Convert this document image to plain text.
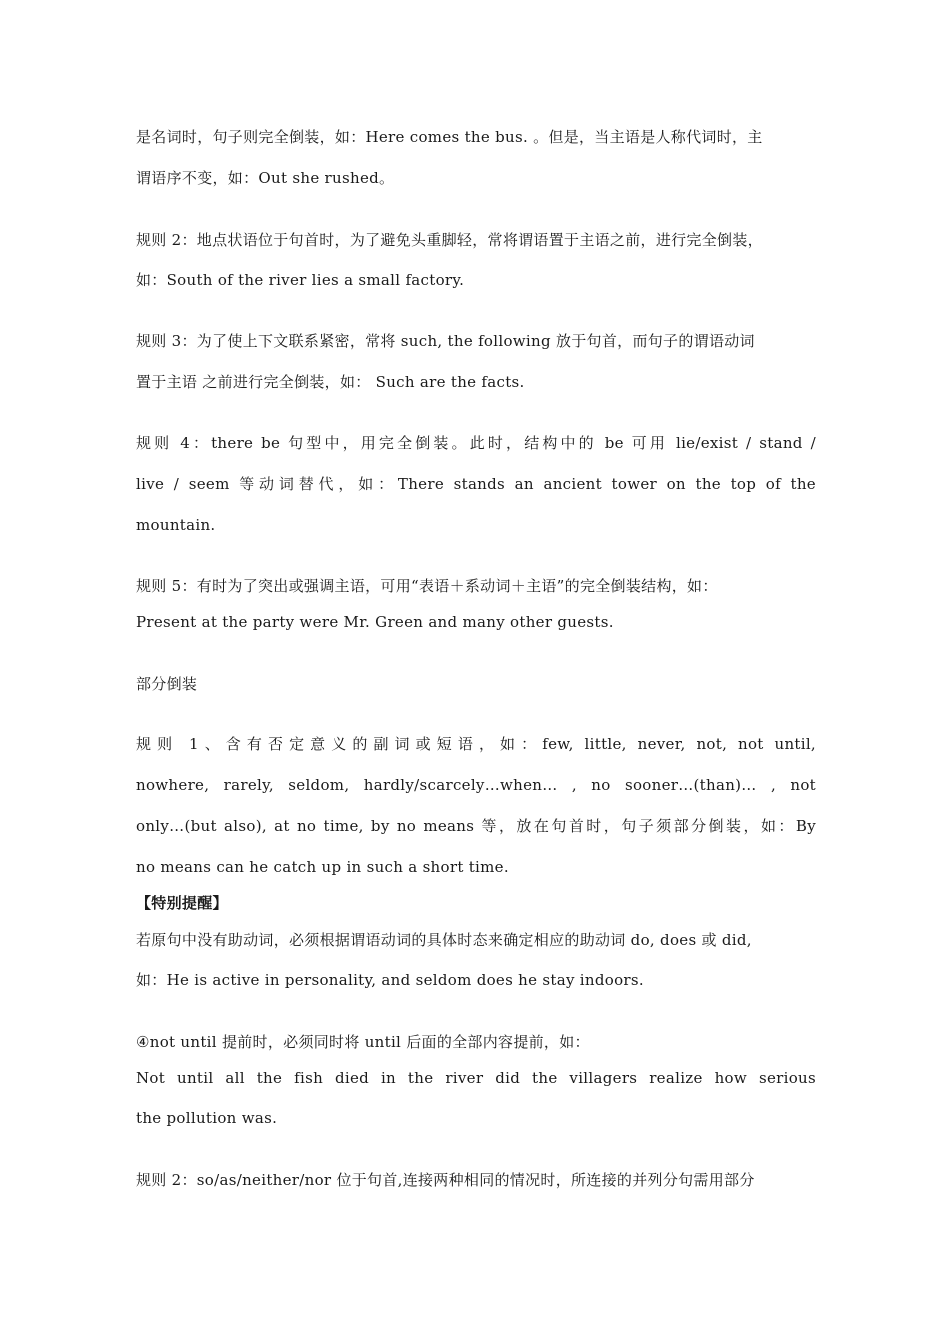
是名词时，句子则完全倒装，如：Here comes the bus. 。但是，当主语是人称代词时，主
谓语序不变，如：Out she rushed。
规则 2：地点状语位于句首时，为了避免头重脚轻，常将谓语置于主语之前，进行完全倒装，
如：South of the river lies a small factory.
规则 3：为了使上下文联系紧密，常将 such, the following 放于句首，而句子的谓语动词
置于主语 之前进行完全倒装，如： Such are the facts.
规则 4：there be 句型中，用完全倒装。此时，结构中的 be 可用 lie/exist / stand /
live / seem 等动词替代，如：There stands an ancient tower on the top of the
mountain.
规则 5：有时为了突出或强调主语，可用“表语＋系动词＋主语”的完全倒装结构，如：
Present at the party were Mr. Green and many other guests.
部分倒装
规则 1、含有否定意义的副词或短语，如：few, little, never, not, not until,
nowhere, rarely, seldom, hardly/scarcely…when… , no sooner…(than)… , not
only…(but also), at no time, by no means 等，放在句首时，句子须部分倒装，如：By
no means can he catch up in such a short time.
【特别提醒】
若原句中没有助动词，必须根据谓语动词的具体时态来确定相应的助动词 do, does 或 did,
如：He is active in personality, and seldom does he stay indoors.
④not until 提前时，必须同时将 until 后面的全部内容提前，如：
Not until all the fish died in the river did the villagers realize how serious
the pollution was.
规则 2：so/as/neither/nor 位于句首,连接两种相同的情况时，所连接的并列分句需用部分
